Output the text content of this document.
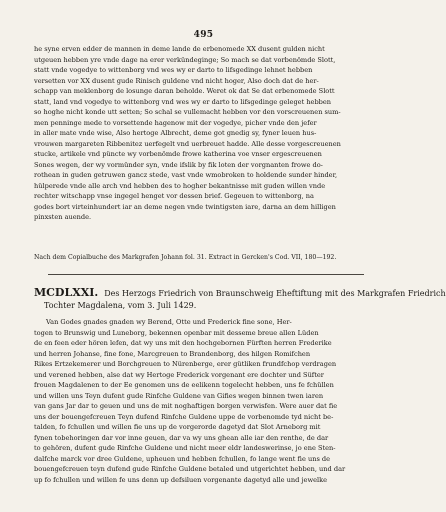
495
he syne erven edder de mannen in deme lande de erbenomede XX dusent gulden nicht
utgeuen hebben yre vnde dage na erer verkündeginge; So mach se dat vorbenömde Slott,
statt vnde vogedye to wittenborg vnd wes wy er darto to lifsgedinge lehnet hebben
versetten vor XX dusent gude Rinisch guldene vnd nicht hoger, Also doch dat de her-
schapp van meklenborg de losunge daran beholde. Weret ok dat Se dat erbenomede Slott
statt, land vnd vogedye to wittenborg vnd wes wy er darto to lifsgedinge geleget hebben
so hoghe nicht konde utt setten; So schal se vullemacht hebben vor den vorscreuenen sum-
men penninge mede to vorsettende hagenow mit der vogedye, picher vnde den jefer
in aller mate vnde wise, Also hertoge Albrecht, deme got gnedig sy, fyner leuen hus-
vrouwen margareten Ribbenitez uerfegelt vnd uerbreuet hadde. Alle desse vorgescreuenen
stucke, artikele vnd püncte wy vorbenömde frowe katherina voe vnser ergescreuenen
Sones wegen, der wy vormünder syn, vnde ifslik by fik loten der vorgnanten frowe do-
rothean in guden getruwen gancz stede, vast vnde wmobroken to holdende sunder hinder,
hülperede vnde alle arch vnd hebben des to hogher bekantnisse mit guden willen vnde
rechter witschapp vnse ingegel henget vor dessen brief. Gegeuen to wittenborg, na
godes bort virteinhundert iar an deme negen vnde twintigsten iare, darna an dem hilligen
pinxsten auende.
Nach dem Copialbuche des Markgrafen Johann fol. 31. Extract in Gercken's Cod. VII, 180—192.
MCDLXXI. Des Herzogs Friedrich von Braunschweig Eheftiftung mit des Markgrafen Friedrich
Tochter Magdalena, vom 3. Juli 1429.
Van Godes gnades gnaden wy Berend, Otte und Frederick fine sone, Her-
togen to Brunswig und Luneborg, bekennen openbar mit desseme breue allen Lüden
de en feen eder hören lefen, dat wy uns mit den hochgebornen Fürften herren Frederike
und herren Johanse, fine fone, Marcgreuen to Brandenborg, des hilgen Romifchen
Rikes Ertzekemerer und Borchgreuen to Nürenberge, erer gütliken frundfchop verdragen
und verened hebben, alse dat wy Hertoge Frederick vorgenant ere dochter und Süfter
frouen Magdalenen to der Ee genomen uns de eelikenn togelecht hebben, uns fe fchüllen
und willen uns Teyn dufent gude Rinfche Guldene van Gifies wegen binnen twen iaren
van gans Jar dar to geuen und uns de mit noghaftigen borgen verwisfen. Were auer dat fie
uns der bouengefcreuen Teyn dufend Rinfche Guldene uppe de vorbenomde tyd nicht be-
talden, fo fchullen und willen fie uns up de vorgerorde dagetyd dat Slot Arneborg mit
fynen tobehoringen dar vor inne geuen, dar va wy uns ghean alle iar den renthe, de dar
to gehören, dufent gude Rinfche Guldene und nicht meer eldr landeswerinse, jo ene Sten-
dalfche marck vor dree Guldene, upheuen und hebben fchullen, fo lange went fie uns de
bouengefcreuen teyn dufend gude Rinfche Guldene betaled und utgerichtet hebben, und dar
up fo fchullen und willen fe uns denn up defsiluen vorgenante dagetyd alle und jewelke
